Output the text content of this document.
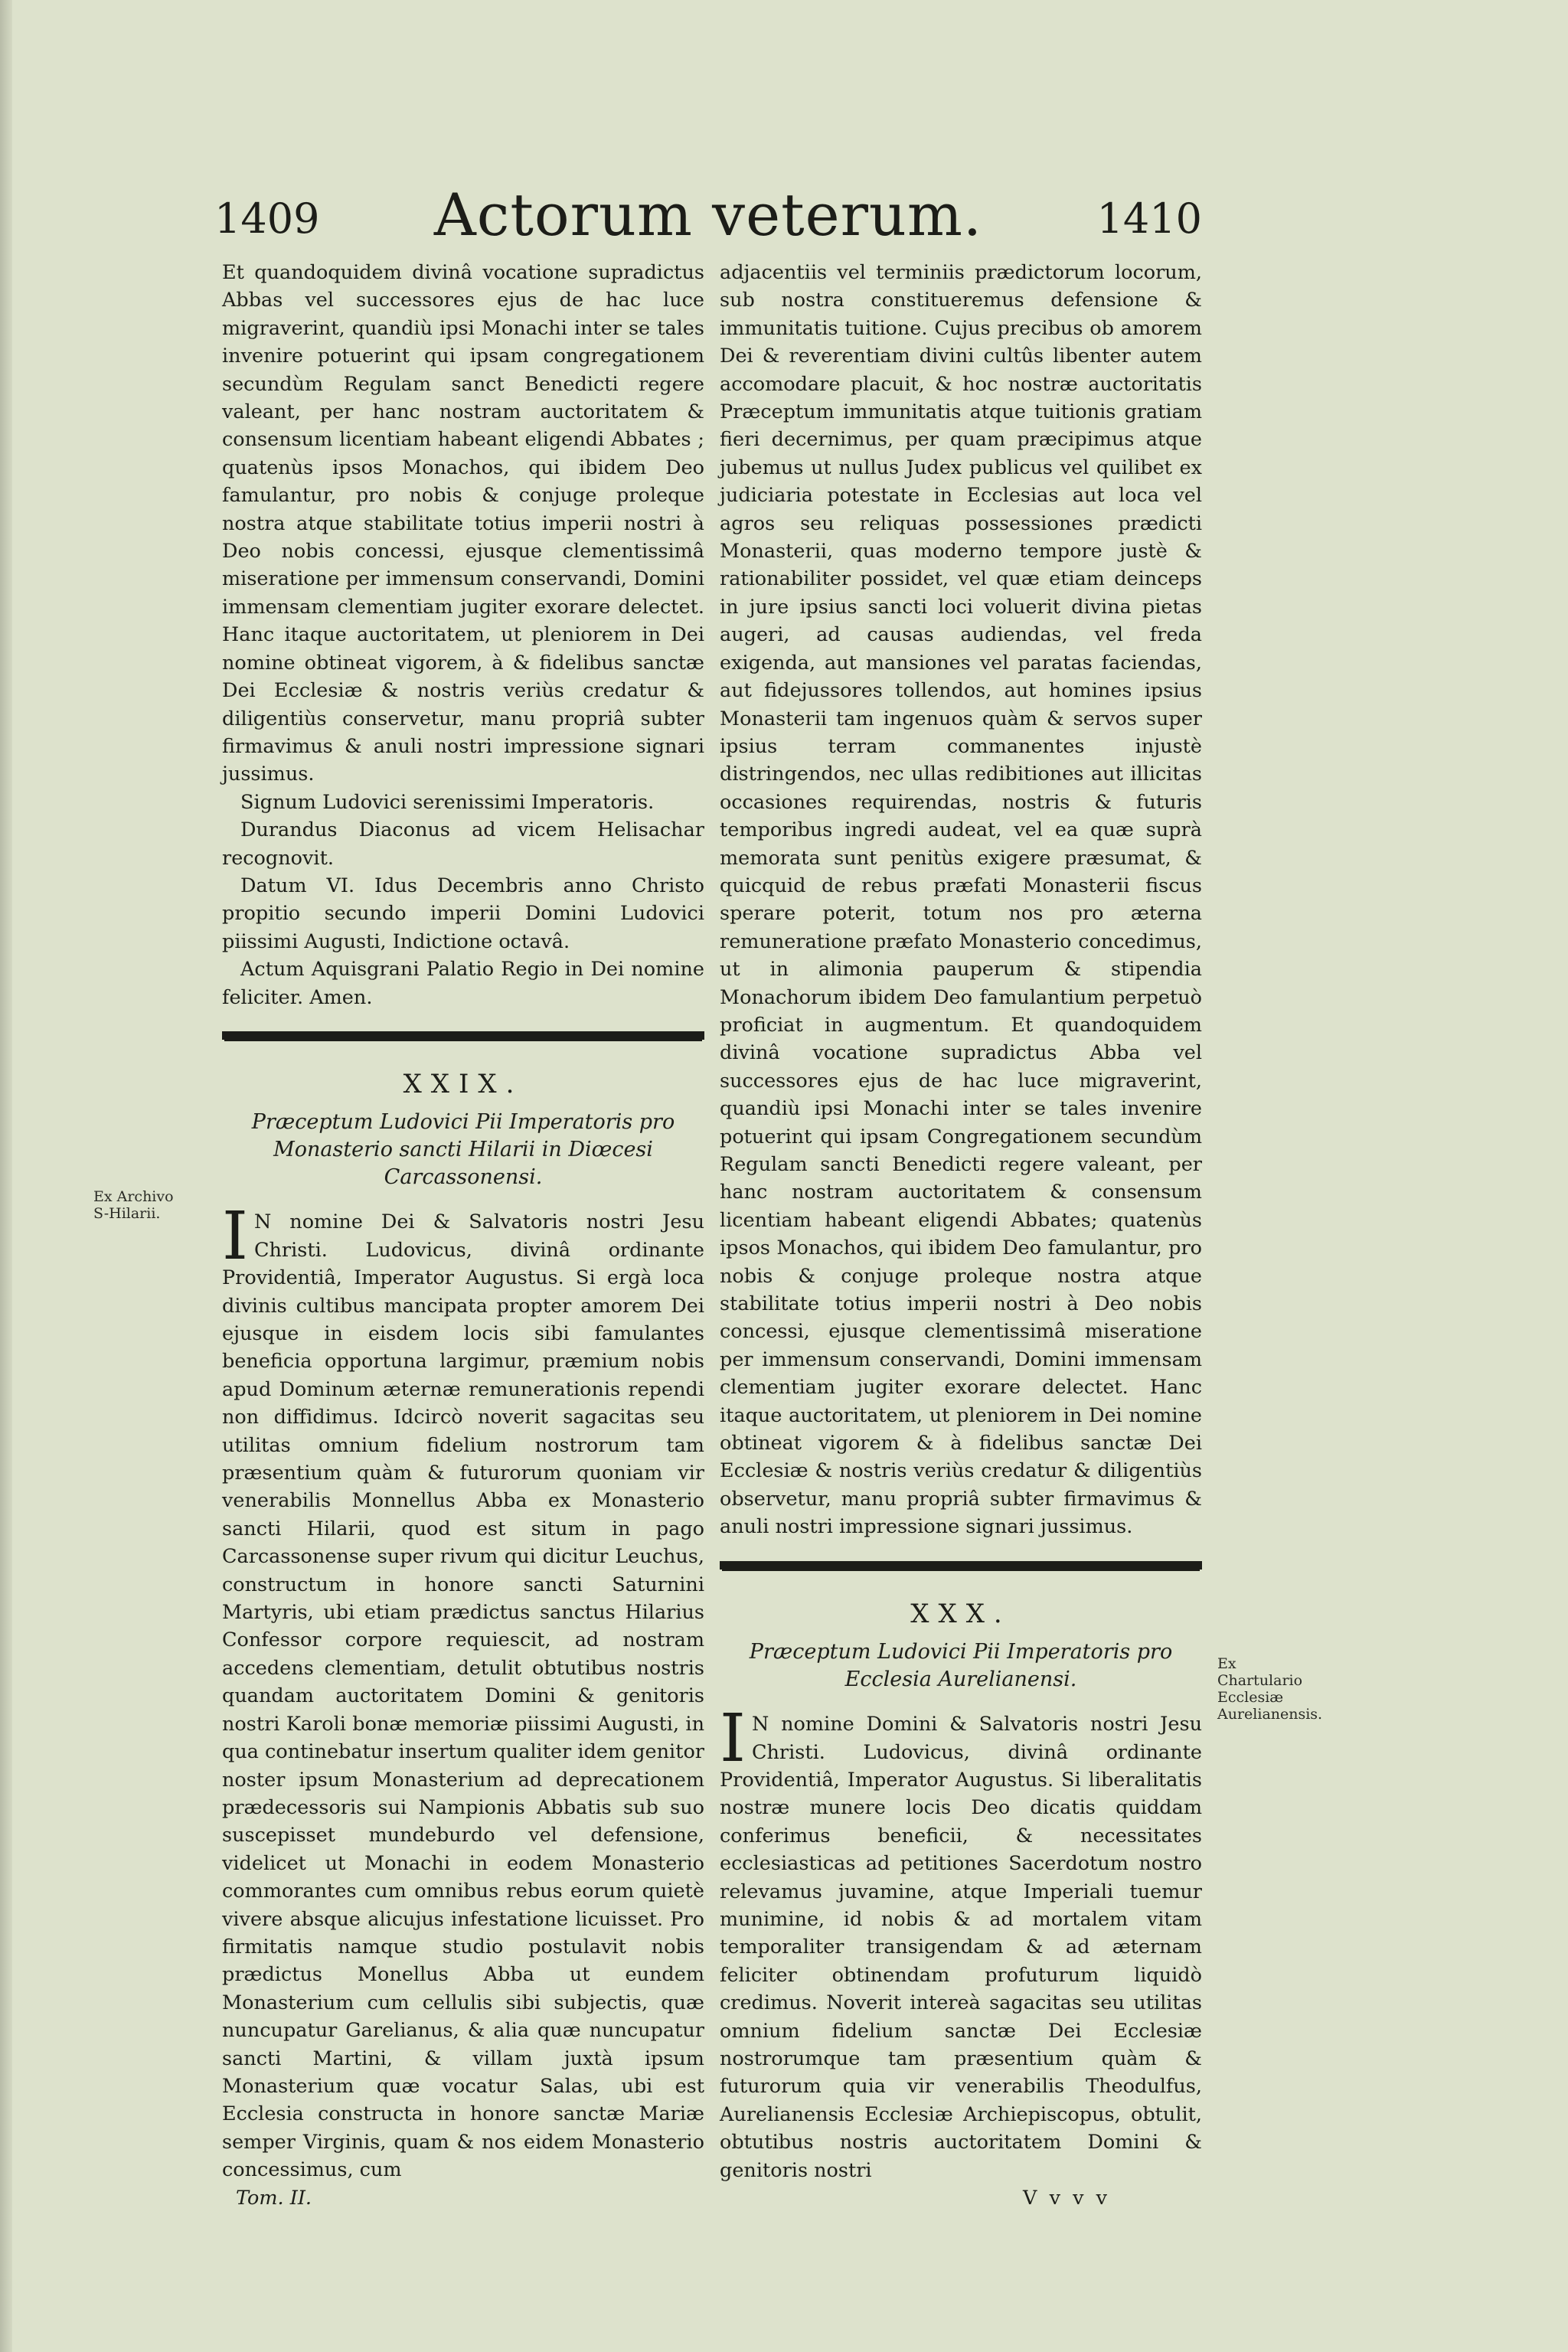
1409	Actorum veterum.	1410

Et quandoquidem divinâ vocatione supradictus Abbas vel successores ejus de hac luce migraverint, quandiù ipsi Monachi inter se tales invenire potuerint qui ipsam congregationem secundùm Regulam sanct Benedicti regere valeant, per hanc nostram auctoritatem & consensum licentiam habeant eligendi Abbates ; quatenùs ipsos Monachos, qui ibidem Deo famulantur, pro nobis & conjuge proleque nostra atque stabilitate totius imperii nostri à Deo nobis concessi, ejusque clementissimâ miseratione per immensum conservandi, Domini immensam clementiam jugiter exorare delectet. Hanc itaque auctoritatem, ut pleniorem in Dei nomine obtineat vigorem, à & fidelibus sanctæ Dei Ecclesiæ & nostris veriùs credatur & diligentiùs conservetur, manu propriâ subter firmavimus & anuli nostri impressione signari jussimus.

Signum Ludovici serenissimi Imperatoris.

Durandus Diaconus ad vicem Helisachar recognovit.

Datum VI. Idus Decembris anno Christo propitio secundo imperii Domini Ludovici piissimi Augusti, Indictione octavâ.

Actum Aquisgrani Palatio Regio in Dei nomine feliciter. Amen.

XXIX.
Præceptum Ludovici Pii Imperatoris pro Monasterio sancti Hilarii in Diœcesi Carcassonensi.

I N nomine Dei & Salvatoris nostri Jesu Christi. Ludovicus, divinâ ordinante Providentiâ, Imperator Augustus. Si ergà loca divinis cultibus mancipata propter amorem Dei ejusque in eisdem locis sibi famulantes beneficia opportuna largimur, præmium nobis apud Dominum æternæ remunerationis rependi non diffidimus. Idcircò noverit sagacitas seu utilitas omnium fidelium nostrorum tam præsentium quàm & futurorum quoniam vir venerabilis Monnellus Abba ex Monasterio sancti Hilarii, quod est situm in pago Carcassonense super rivum qui dicitur Leuchus, constructum in honore sancti Saturnini Martyris, ubi etiam prædictus sanctus Hilarius Confessor corpore requiescit, ad nostram accedens clementiam, detulit obtutibus nostris quandam auctoritatem Domini & genitoris nostri Karoli bonæ memoriæ piissimi Augusti, in qua continebatur insertum qualiter idem genitor noster ipsum Monasterium ad deprecationem prædecessoris sui Nampionis Abbatis sub suo suscepisset mundeburdo vel defensione, videlicet ut Monachi in eodem Monasterio commorantes cum omnibus rebus eorum quietè vivere absque alicujus infestatione licuisset. Pro firmitatis namque studio postulavit nobis prædictus Monellus Abba ut eundem Monasterium cum cellulis sibi subjectis, quæ nuncupatur Garelianus, & alia quæ nuncupatur sancti Martini, & villam juxtà ipsum Monasterium quæ vocatur Salas, ubi est Ecclesia constructa in honore sanctæ Mariæ semper Virginis, quam & nos eidem Monasterio concessimus, cum

Tom. II.

adjacentiis vel terminiis prædictorum locorum, sub nostra constitueremus defensione & immunitatis tuitione. Cujus precibus ob amorem Dei & reverentiam divini cultûs libenter autem accomodare placuit, & hoc nostræ auctoritatis Præceptum immunitatis atque tuitionis gratiam fieri decernimus, per quam præcipimus atque jubemus ut nullus Judex publicus vel quilibet ex judiciaria potestate in Ecclesias aut loca vel agros seu reliquas possessiones prædicti Monasterii, quas moderno tempore justè & rationabiliter possidet, vel quæ etiam deinceps in jure ipsius sancti loci voluerit divina pietas augeri, ad causas audiendas, vel freda exigenda, aut mansiones vel paratas faciendas, aut fidejussores tollendos, aut homines ipsius Monasterii tam ingenuos quàm & servos super ipsius terram commanentes injustè distringendos, nec ullas redibitiones aut illicitas occasiones requirendas, nostris & futuris temporibus ingredi audeat, vel ea quæ suprà memorata sunt penitùs exigere præsumat, & quicquid de rebus præfati Monasterii fiscus sperare poterit, totum nos pro æterna remuneratione præfato Monasterio concedimus, ut in alimonia pauperum & stipendia Monachorum ibidem Deo famulantium perpetuò proficiat in augmentum. Et quandoquidem divinâ vocatione supradictus Abba vel successores ejus de hac luce migraverint, quandiù ipsi Monachi inter se tales invenire potuerint qui ipsam Congregationem secundùm Regulam sancti Benedicti regere valeant, per hanc nostram auctoritatem & consensum licentiam habeant eligendi Abbates; quatenùs ipsos Monachos, qui ibidem Deo famulantur, pro nobis & conjuge proleque nostra atque stabilitate totius imperii nostri à Deo nobis concessi, ejusque clementissimâ miseratione per immensum conservandi, Domini immensam clementiam jugiter exorare delectet. Hanc itaque auctoritatem, ut pleniorem in Dei nomine obtineat vigorem & à fidelibus sanctæ Dei Ecclesiæ & nostris veriùs credatur & diligentiùs observetur, manu propriâ subter firmavimus & anuli nostri impressione signari jussimus.

XXX.
Præceptum Ludovici Pii Imperatoris pro Ecclesia Aurelianensi.

I N nomine Domini & Salvatoris nostri Jesu Christi. Ludovicus, divinâ ordinante Providentiâ, Imperator Augustus. Si liberalitatis nostræ munere locis Deo dicatis quiddam conferimus beneficii, & necessitates ecclesiasticas ad petitiones Sacerdotum nostro relevamus juvamine, atque Imperiali tuemur munimine, id nobis & ad mortalem vitam temporaliter transigendam & ad æternam feliciter obtinendam profuturum liquidò credimus. Noverit intereà sagacitas seu utilitas omnium fidelium sanctæ Dei Ecclesiæ nostrorumque tam præsentium quàm & futurorum quia vir venerabilis Theodulfus, Aurelianensis Ecclesiæ Archiepiscopus, obtulit, obtutibus nostris auctoritatem Domini & genitoris nostri

V v v v

Ex Archivo S-Hilarii.
Ex Chartulario Ecclesiæ Aurelianensis.
